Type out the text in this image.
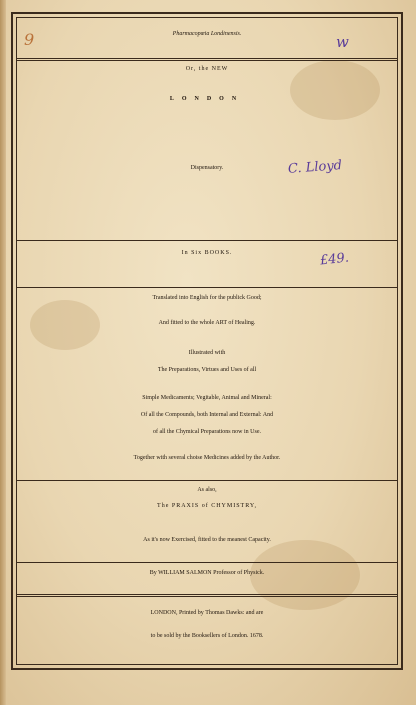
9	w
C. Lloyd
£49.
Pharmacopœia Londinensis.
Or, the NEW
LONDON
Dispensatory.
In Six BOOKS.
Translated into English for the publick Good;
And fitted to the whole ART of Healing.
Illustrated with
The Preparations, Virtues and Uses of all
Simple Medicaments; Vegitable, Animal and Mineral:
Of all the Compounds, both Internal and External: And
of all the Chymical Preparations now in Use.
Together with several choise Medicines added by the Author.
As also,
The PRAXIS of CHYMISTRY,
As it's now Exercised, fitted to the meanest Capacity.
By WILLIAM SALMON Professor of Physick.
LONDON, Printed by Thomas Dawks: and are
to be sold by the Booksellers of London. 1678.
